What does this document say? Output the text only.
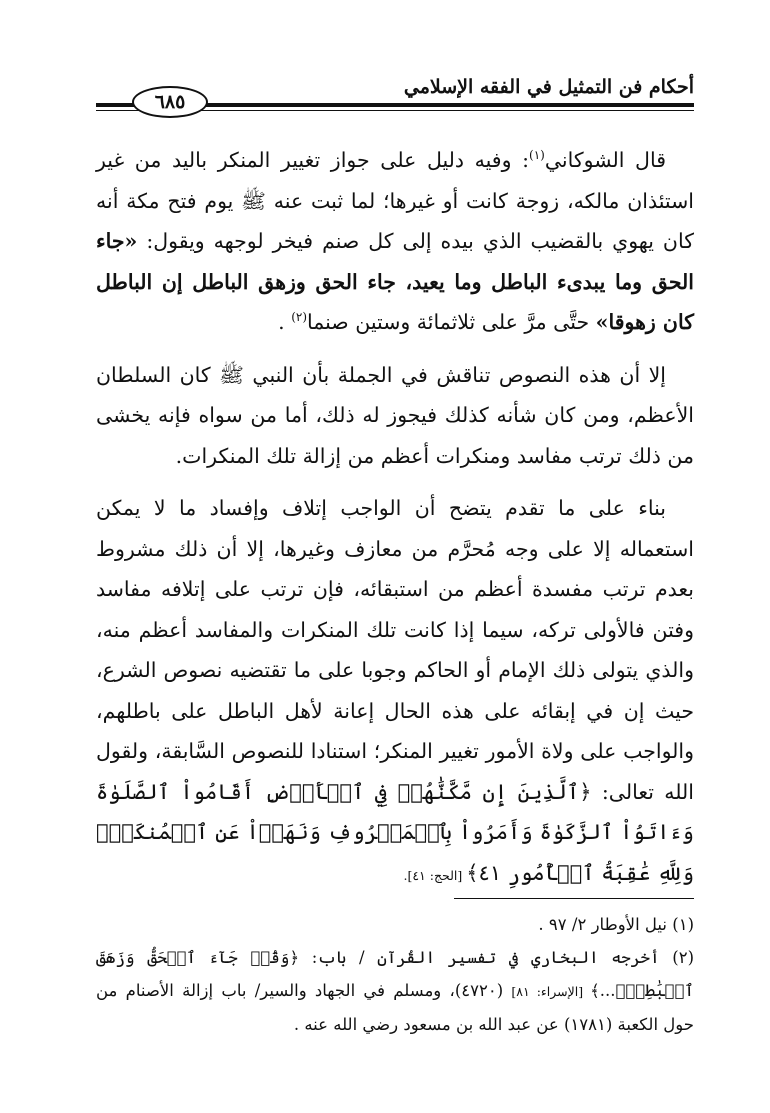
أحكام فن التمثيل في الفقه الإسلامي
٦٨٥

قال الشوكاني$^{(١)}$: وفيه دليل على جواز تغيير المنكر باليد من غير استئذان مالكه، زوجة كانت أو غيرها؛ لما ثبت عنه ﷺ يوم فتح مكة أنه كان يهوي بالقضيب الذي بيده إلى كل صنم فيخر لوجهه ويقول: «جاء الحق وما يبدىء الباطل وما يعيد، جاء الحق وزهق الباطل إن الباطل كان زهوقا» حتَّى مرَّ على ثلاثمائة وستين صنما$^{(٢)}$ .

إلا أن هذه النصوص تناقش في الجملة بأن النبي ﷺ كان السلطان الأعظم، ومن كان شأنه كذلك فيجوز له ذلك، أما من سواه فإنه يخشى من ذلك ترتب مفاسد ومنكرات أعظم من إزالة تلك المنكرات.

بناء على ما تقدم يتضح أن الواجب إتلاف وإفساد ما لا يمكن استعماله إلا على وجه مُحرَّم من معازف وغيرها، إلا أن ذلك مشروط بعدم ترتب مفسدة أعظم من استبقائه، فإن ترتب على إتلافه مفاسد وفتن فالأولى تركه، سيما إذا كانت تلك المنكرات والمفاسد أعظم منه، والذي يتولى ذلك الإمام أو الحاكم وجوبا على ما تقتضيه نصوص الشرع، حيث إن في إبقائه على هذه الحال إعانة لأهل الباطل على باطلهم، والواجب على ولاة الأمور تغيير المنكر؛ استنادا للنصوص السَّابقة، ولقول الله تعالى: ﴿ٱلَّذِينَ إِن مَّكَّنَّٰهُمۡ فِي ٱلۡأَرۡضِ أَقَامُواْ ٱلصَّلَوٰةَ وَءَاتَوُاْ ٱلزَّكَوٰةَ وَأَمَرُواْ بِٱلۡمَعۡرُوفِ وَنَهَوۡاْ عَنِ ٱلۡمُنكَرِۗ وَلِلَّهِ عَٰقِبَةُ ٱلۡأُمُورِ ٤١﴾ [الحج: ٤١].

(١) نيل الأوطار ٢/ ٩٧ .

(٢) أخرجه البخاري في تفسير القُرآن / باب: ﴿وَقُلۡ جَآءَ ٱلۡحَقُّ وَزَهَقَ ٱلۡبَٰطِلُۚ...﴾ [الإسراء: ٨١] (٤٧٢٠)، ومسلم في الجهاد والسير/ باب إزالة الأصنام من حول الكعبة (١٧٨١) عن عبد الله بن مسعود رضي الله عنه .
